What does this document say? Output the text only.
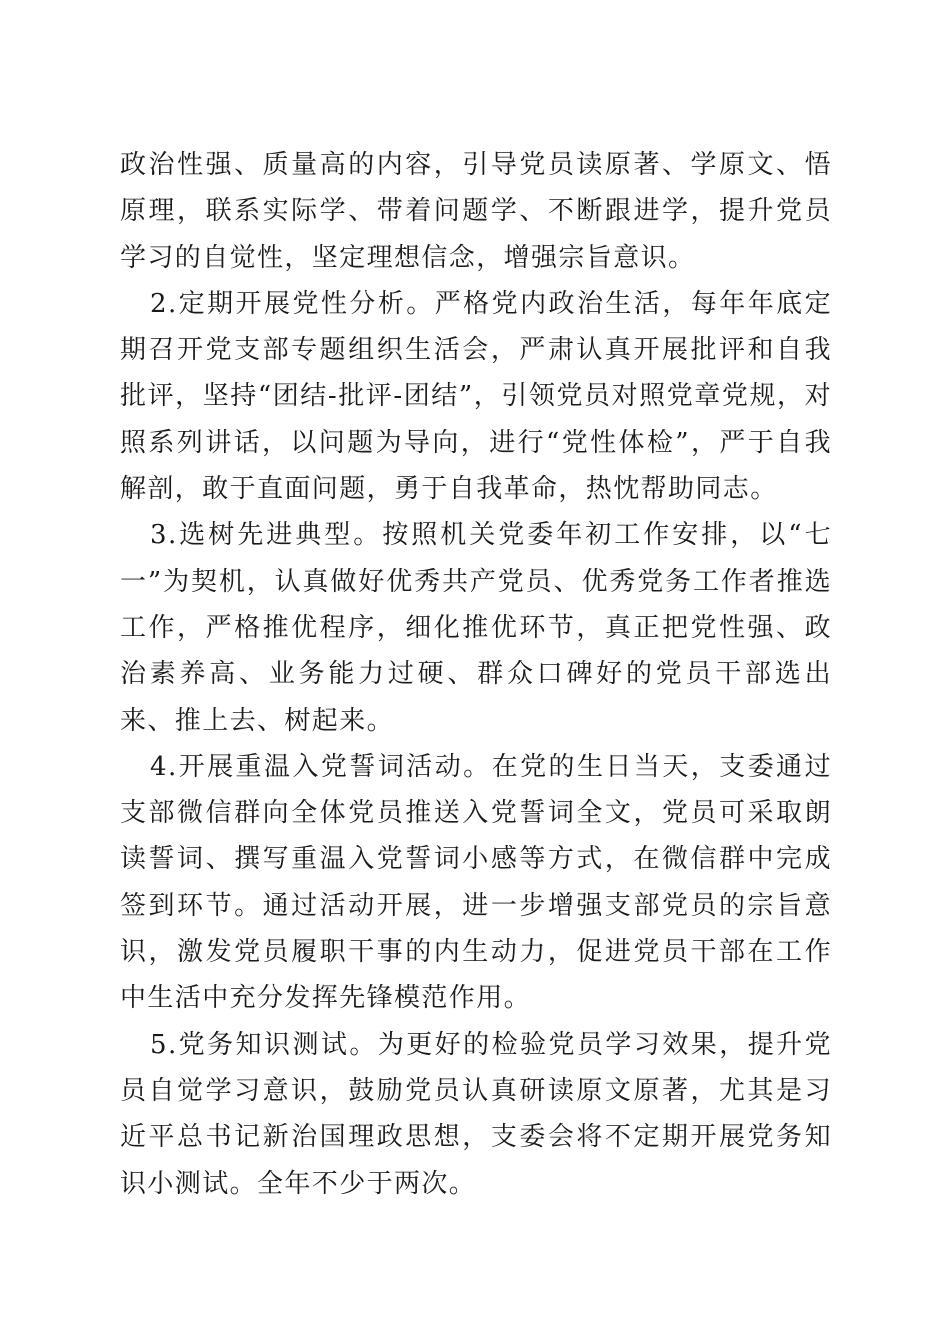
政治性强、质量高的内容，引导党员读原著、学原文、悟原理，联系实际学、带着问题学、不断跟进学，提升党员学习的自觉性，坚定理想信念，增强宗旨意识。

2.定期开展党性分析。严格党内政治生活，每年年底定期召开党支部专题组织生活会，严肃认真开展批评和自我批评，坚持“团结-批评-团结”，引领党员对照党章党规，对照系列讲话，以问题为导向，进行“党性体检”，严于自我解剖，敢于直面问题，勇于自我革命，热忱帮助同志。

3.选树先进典型。按照机关党委年初工作安排，以“七一”为契机，认真做好优秀共产党员、优秀党务工作者推选工作，严格推优程序，细化推优环节，真正把党性强、政治素养高、业务能力过硬、群众口碑好的党员干部选出来、推上去、树起来。

4.开展重温入党誓词活动。在党的生日当天，支委通过支部微信群向全体党员推送入党誓词全文，党员可采取朗读誓词、撰写重温入党誓词小感等方式，在微信群中完成签到环节。通过活动开展，进一步增强支部党员的宗旨意识，激发党员履职干事的内生动力，促进党员干部在工作中生活中充分发挥先锋模范作用。

5.党务知识测试。为更好的检验党员学习效果，提升党员自觉学习意识，鼓励党员认真研读原文原著，尤其是习近平总书记新治国理政思想，支委会将不定期开展党务知识小测试。全年不少于两次。
